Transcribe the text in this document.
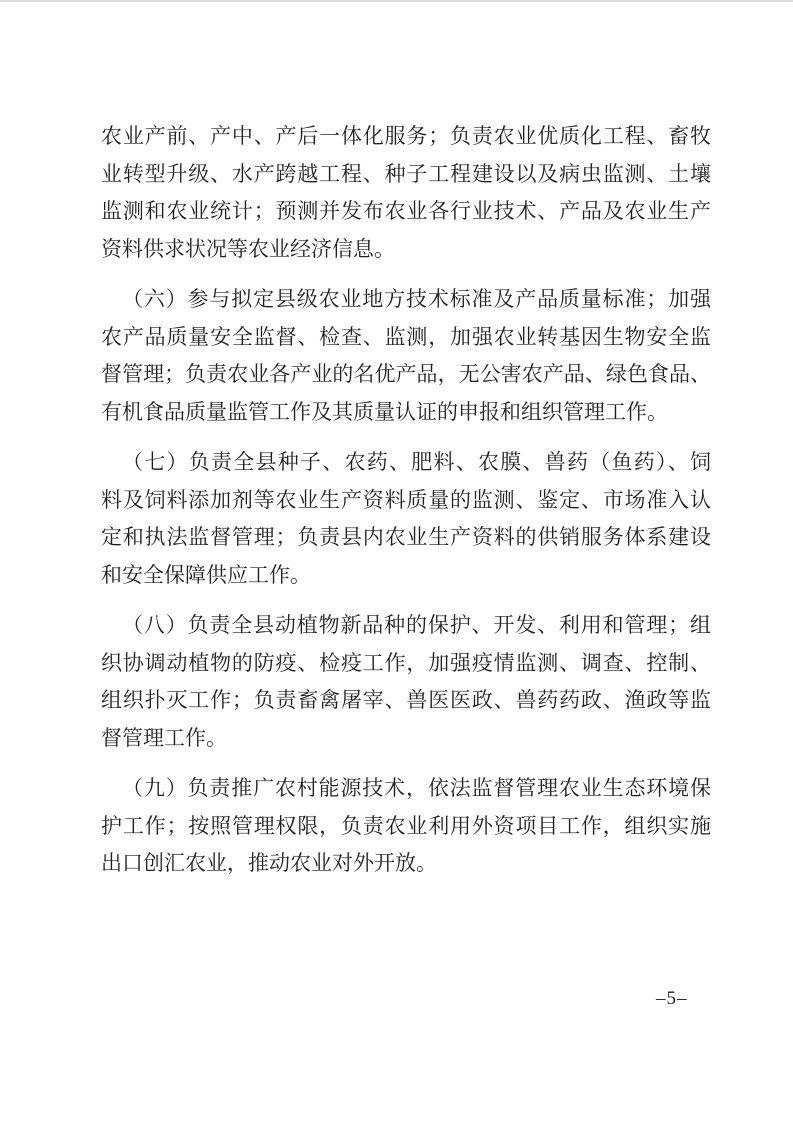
农业产前、产中、产后一体化服务；负责农业优质化工程、畜牧
业转型升级、水产跨越工程、种子工程建设以及病虫监测、土壤
监测和农业统计；预测并发布农业各行业技术、产品及农业生产
资料供求状况等农业经济信息。

（六）参与拟定县级农业地方技术标准及产品质量标准；加强
农产品质量安全监督、检查、监测，加强农业转基因生物安全监
督管理；负责农业各产业的名优产品，无公害农产品、绿色食品、
有机食品质量监管工作及其质量认证的申报和组织管理工作。

（七）负责全县种子、农药、肥料、农膜、兽药（鱼药）、饲
料及饲料添加剂等农业生产资料质量的监测、鉴定、市场准入认
定和执法监督管理；负责县内农业生产资料的供销服务体系建设
和安全保障供应工作。

（八）负责全县动植物新品种的保护、开发、利用和管理；组
织协调动植物的防疫、检疫工作，加强疫情监测、调查、控制、
组织扑灭工作；负责畜禽屠宰、兽医医政、兽药药政、渔政等监
督管理工作。

（九）负责推广农村能源技术，依法监督管理农业生态环境保
护工作；按照管理权限，负责农业利用外资项目工作，组织实施
出口创汇农业，推动农业对外开放。

–5–
